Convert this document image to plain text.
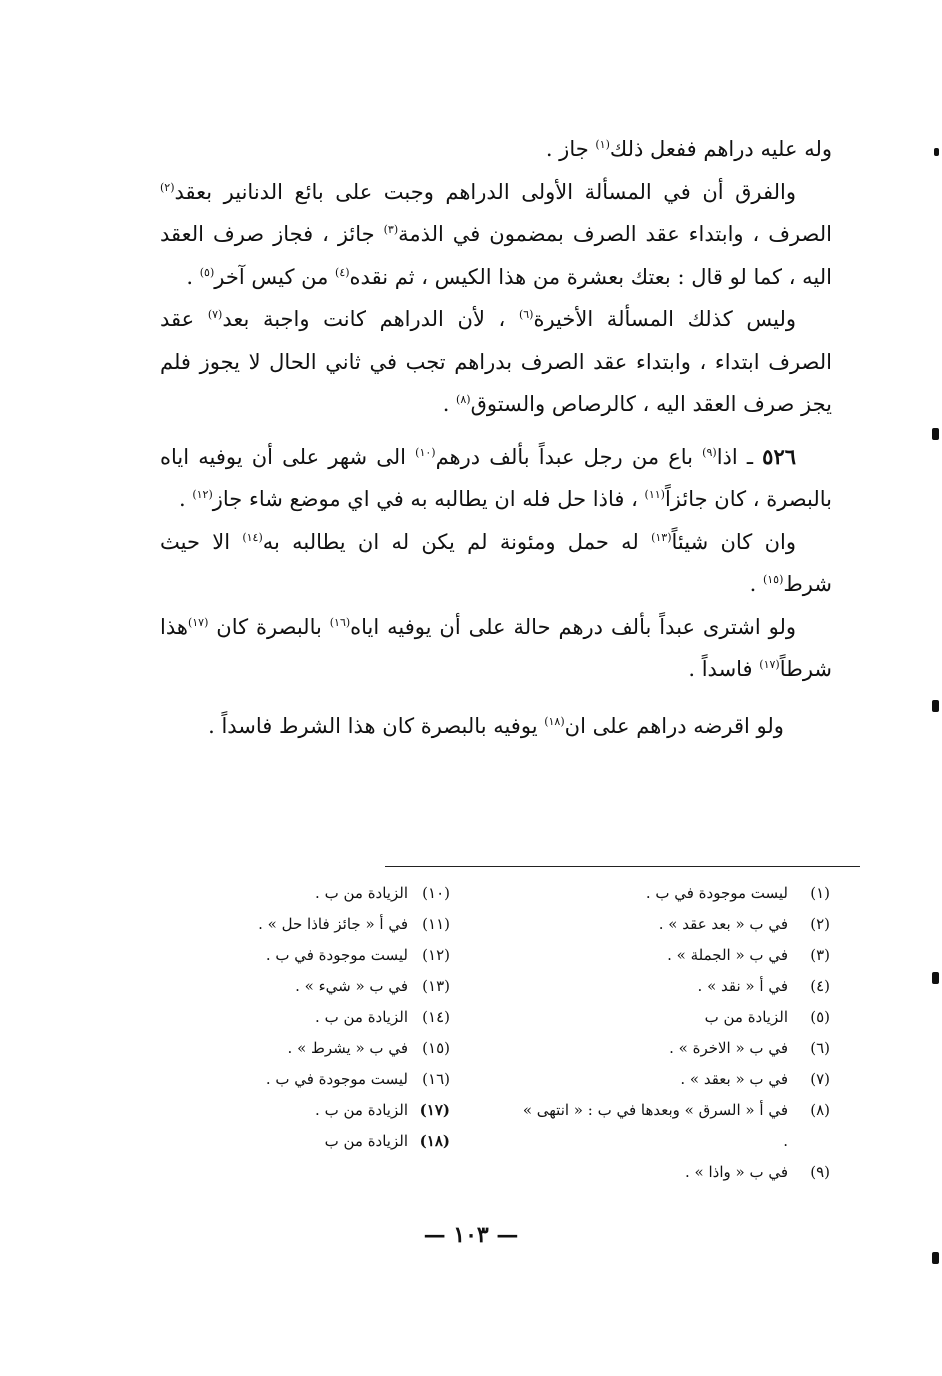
وله عليه دراهم ففعل ذلك$^{(١)}$ جاز .

والفرق أن في المسألة الأولى الدراهم وجبت على بائع الدنانير بعقد$^{(٢)}$ الصرف ، وابتداء عقد الصرف بمضمون في الذمة$^{(٣)}$ جائز ، فجاز صرف العقد اليه ، كما لو قال : بعتك بعشرة من هذا الكيس ، ثم نقده$^{(٤)}$ من كيس آخر$^{(٥)}$ .

وليس كذلك المسألة الأخيرة$^{(٦)}$ ، لأن الدراهم كانت واجبة بعد$^{(٧)}$ عقد الصرف ابتداء ، وابتداء عقد الصرف بدراهم تجب في ثاني الحال لا يجوز فلم يجز صرف العقد اليه ، كالرصاص والستوق$^{(٨)}$ .

٥٢٦ ـ اذا$^{(٩)}$ باع من رجل عبداً بألف درهم$^{(١٠)}$ الى شهر على أن يوفيه اياه بالبصرة ، كان جائزاً$^{(١١)}$ ، فاذا حل فله ان يطالبه به في اي موضع شاء جاز$^{(١٢)}$ .

وان كان شيئاً$^{(١٣)}$ له حمل ومئونة لم يكن له ان يطالبه به$^{(١٤)}$ الا حيث شرط$^{(١٥)}$ .

ولو اشترى عبداً بألف درهم حالة على أن يوفيه اياه$^{(١٦)}$ بالبصرة كان $^{(١٧)}$هذا شرطاً$^{(١٧)}$ فاسداً .

ولو اقرضه دراهم على ان$^{(١٨)}$ يوفيه بالبصرة كان هذا الشرط فاسداً .

(١)
ليست موجودة في ب .
(٢)
في ب « بعد عقد » .
(٣)
في ب « الجملة » .
(٤)
في أ « نقد » .
(٥)
الزيادة من ب
(٦)
في ب « الاخرة » .
(٧)
في ب « بعقد » .
(٨)
في أ « السرق » وبعدها في ب : « انتهى » .
(٩)
في ب « واذا » .
(١٠)
الزيادة من ب .
(١١)
في أ « جائز فاذا حل » .
(١٢)
ليست موجودة في ب .
(١٣)
في ب « شيء » .
(١٤)
الزيادة من ب .
(١٥)
في ب « يشرط » .
(١٦)
ليست موجودة في ب .
(١٧)
الزيادة من ب .
(١٨)
الزيادة من ب
— ١٠٣ —
